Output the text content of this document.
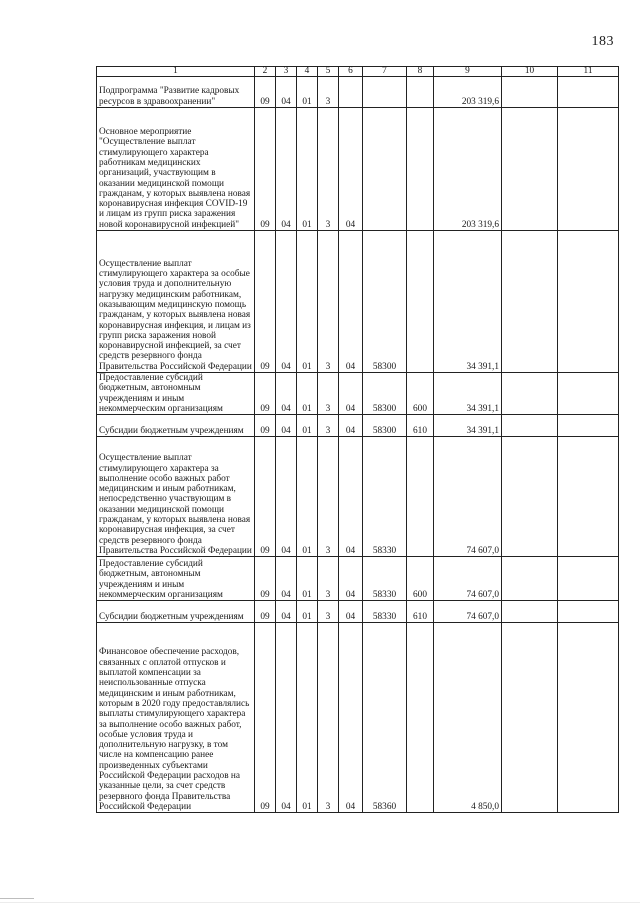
183
1	2	3	4	5	6	7	8	9	10	11
Подпрограмма "Развитие кадровых ресурсов в здравоохранении"	09	04	01	3				203 319,6		
Основное мероприятие "Осуществление выплат стимулирующего характера работникам медицинских организаций, участвующим в оказании медицинской помощи гражданам, у которых выявлена новая коронавирусная инфекция COVID-19 и лицам из групп риска заражения новой коронавирусной инфекцией"	09	04	01	3	04			203 319,6		
Осуществление выплат стимулирующего характера за особые условия труда и дополнительную нагрузку медицинским работникам, оказывающим медицинскую помощь гражданам, у которых выявлена новая коронавирусная инфекция, и лицам из групп риска заражения новой коронавирусной инфекцией, за счет средств резервного фонда Правительства Российской Федерации	09	04	01	3	04	58300		34 391,1		
Предоставление субсидий бюджетным, автономным учреждениям и иным некоммерческим организациям	09	04	01	3	04	58300	600	34 391,1		
Субсидии бюджетным учреждениям	09	04	01	3	04	58300	610	34 391,1		
Осуществление выплат стимулирующего характера за выполнение особо важных работ медицинским и иным работникам, непосредственно участвующим в оказании медицинской помощи гражданам, у которых выявлена новая коронавирусная инфекция, за счет средств резервного фонда Правительства Российской Федерации	09	04	01	3	04	58330		74 607,0		
Предоставление субсидий бюджетным, автономным учреждениям и иным некоммерческим организациям	09	04	01	3	04	58330	600	74 607,0		
Субсидии бюджетным учреждениям	09	04	01	3	04	58330	610	74 607,0		
Финансовое обеспечение расходов, связанных с оплатой отпусков и выплатой компенсации за неиспользованные отпуска медицинским и иным работникам, которым в 2020 году предоставлялись выплаты стимулирующего характера за выполнение особо важных работ, особые условия труда и дополнительную нагрузку, в том числе на компенсацию ранее произведенных субъектами Российской Федерации расходов на указанные цели, за счет средств резервного фонда Правительства Российской Федерации	09	04	01	3	04	58360		4 850,0		
